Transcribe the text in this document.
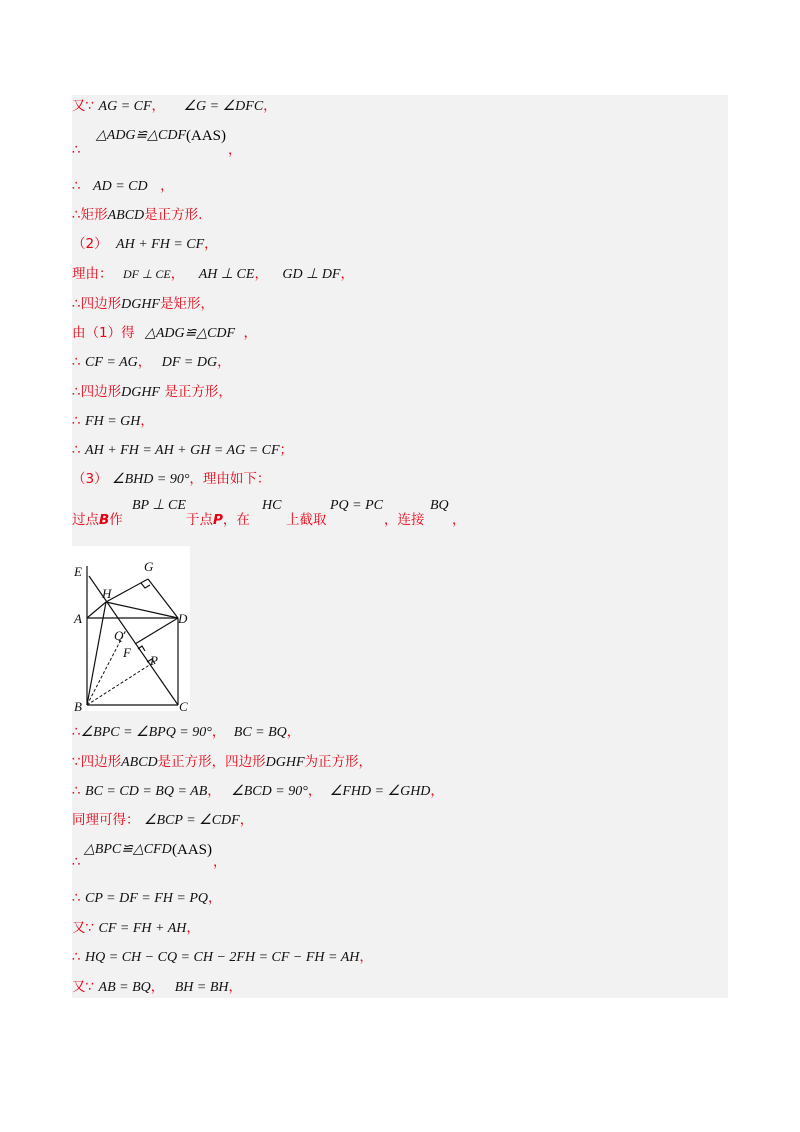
又∵ AG = CF， ∠G = ∠DFC，
∴
△ADG≌△CDF (AAS)
，
∴ AD = CD ，
∴矩形ABCD是正方形.
（2） AH + FH = CF，
理由： DF ⊥ CE， AH ⊥ CE， GD ⊥ DF，
∴四边形DGHF是矩形，
由（1）得 △ADG≌△CDF ，
∴ CF = AG， DF = DG，
∴四边形DGHF 是正方形，
∴ FH = GH，
∴ AH + FH = AH + GH = AG = CF；
（3） ∠BHD = 90°，理由如下：
过点B作
BP ⊥ CE
于点P，在
HC
上截取
PQ = PC
，连接
BQ
，
E	G
H
A	D
Q
F
P
B	C
∴∠BPC = ∠BPQ = 90°， BC = BQ，
∵四边形ABCD是正方形，四边形DGHF为正方形，
∴ BC = CD = BQ = AB， ∠BCD = 90°， ∠FHD = ∠GHD，
同理可得： ∠BCP = ∠CDF，
∴
△BPC≌△CFD (AAS)
，
∴ CP = DF = FH = PQ，
又∵ CF = FH + AH，
∴ HQ = CH − CQ = CH − 2FH = CF − FH = AH，
又∵ AB = BQ， BH = BH，
